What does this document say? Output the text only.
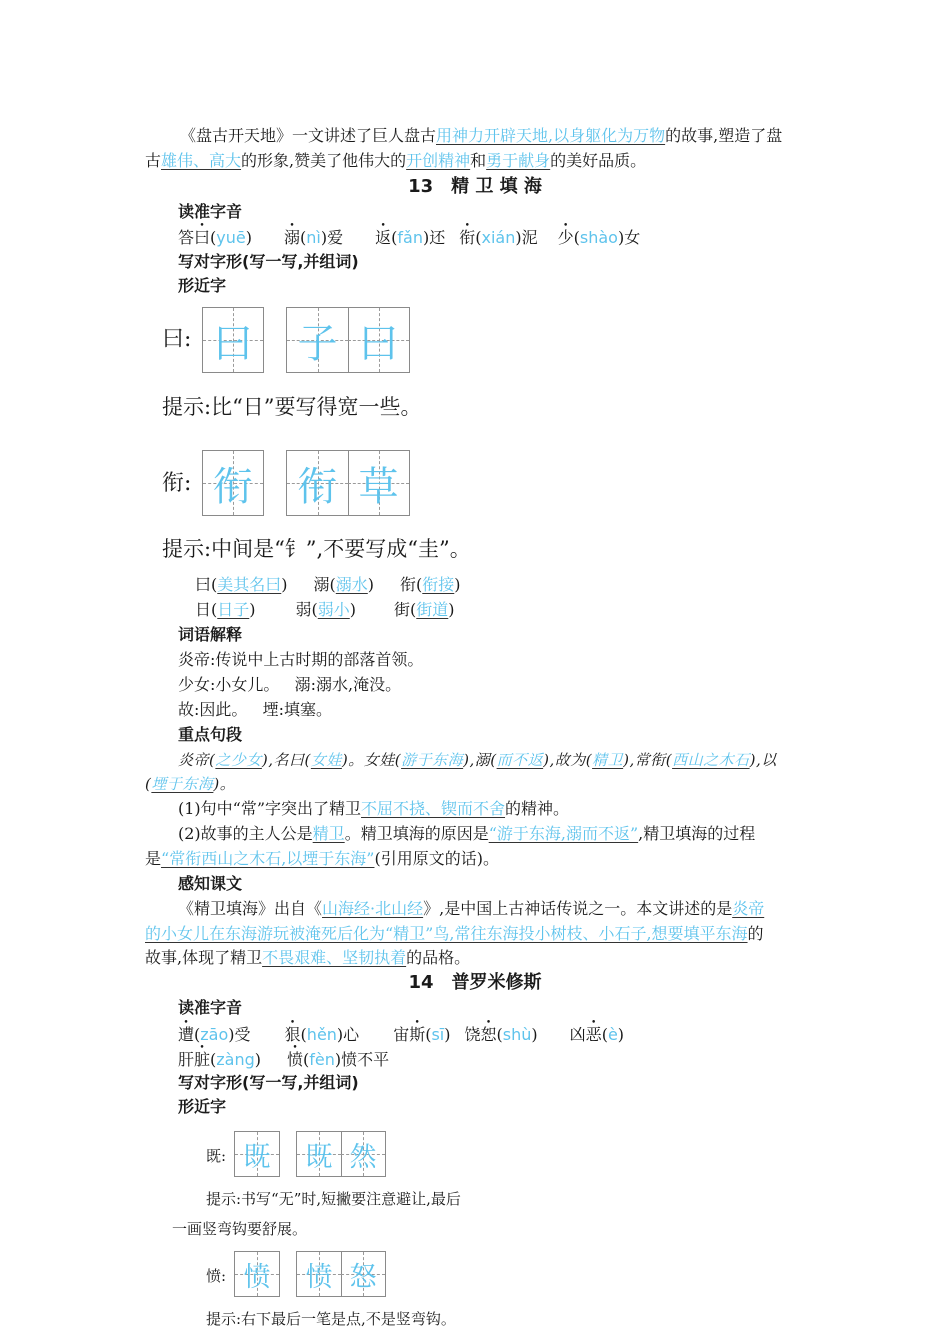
《盘古开天地》一文讲述了巨人盘古用神力开辟天地,以身躯化为万物的故事,塑造了盘
古雄伟、高大的形象,赞美了他伟大的开创精神和勇于献身的美好品质。
13 精 卫 填 海
读准字音
答曰(yuē) 溺(nì)爱 返(fǎn)还 衔(xián)泥 少(shào)女
写对字形(写一写,并组词)
形近字
曰: 曰 子 曰
提示:比“日”要写得宽一些。
衔: 衔 衔 草
提示:中间是“钅”,不要写成“圭”。
曰(美其名曰) 溺(溺水) 衔(衔接)
日(日子)	弱(弱小) 街(街道)
词语解释
炎帝:传说中上古时期的部落首领。
少女:小女儿。   溺:溺水,淹没。
故:因此。   堙:填塞。
重点句段
炎帝(之少女),名曰(女娃)。女娃(游于东海),溺(而不返),故为(精卫),常衔(西山之木石),以
(堙于东海)。
(1)句中“常”字突出了精卫不屈不挠、锲而不舍的精神。
(2)故事的主人公是精卫。精卫填海的原因是“游于东海,溺而不返”,精卫填海的过程
是“常衔西山之木石,以堙于东海”(引用原文的话)。
感知课文
《精卫填海》出自《山海经·北山经》,是中国上古神话传说之一。本文讲述的是炎帝
的小女儿在东海游玩被淹死后化为“精卫”鸟,常往东海投小树枝、小石子,想要填平东海的
故事,体现了精卫不畏艰难、坚韧执着的品格。
14 普罗米修斯
读准字音
遭(zāo)受 狠(hěn)心 宙斯(sī) 饶恕(shù) 凶恶(è)
肝脏(zàng) 愤(fèn)愤不平
写对字形(写一写,并组词)
形近字
既: 既	既 然
提示:书写“无”时,短撇要注意避让,最后
一画竖弯钩要舒展。
愤: 愤	愤 怒
提示:右下最后一笔是点,不是竖弯钩。
